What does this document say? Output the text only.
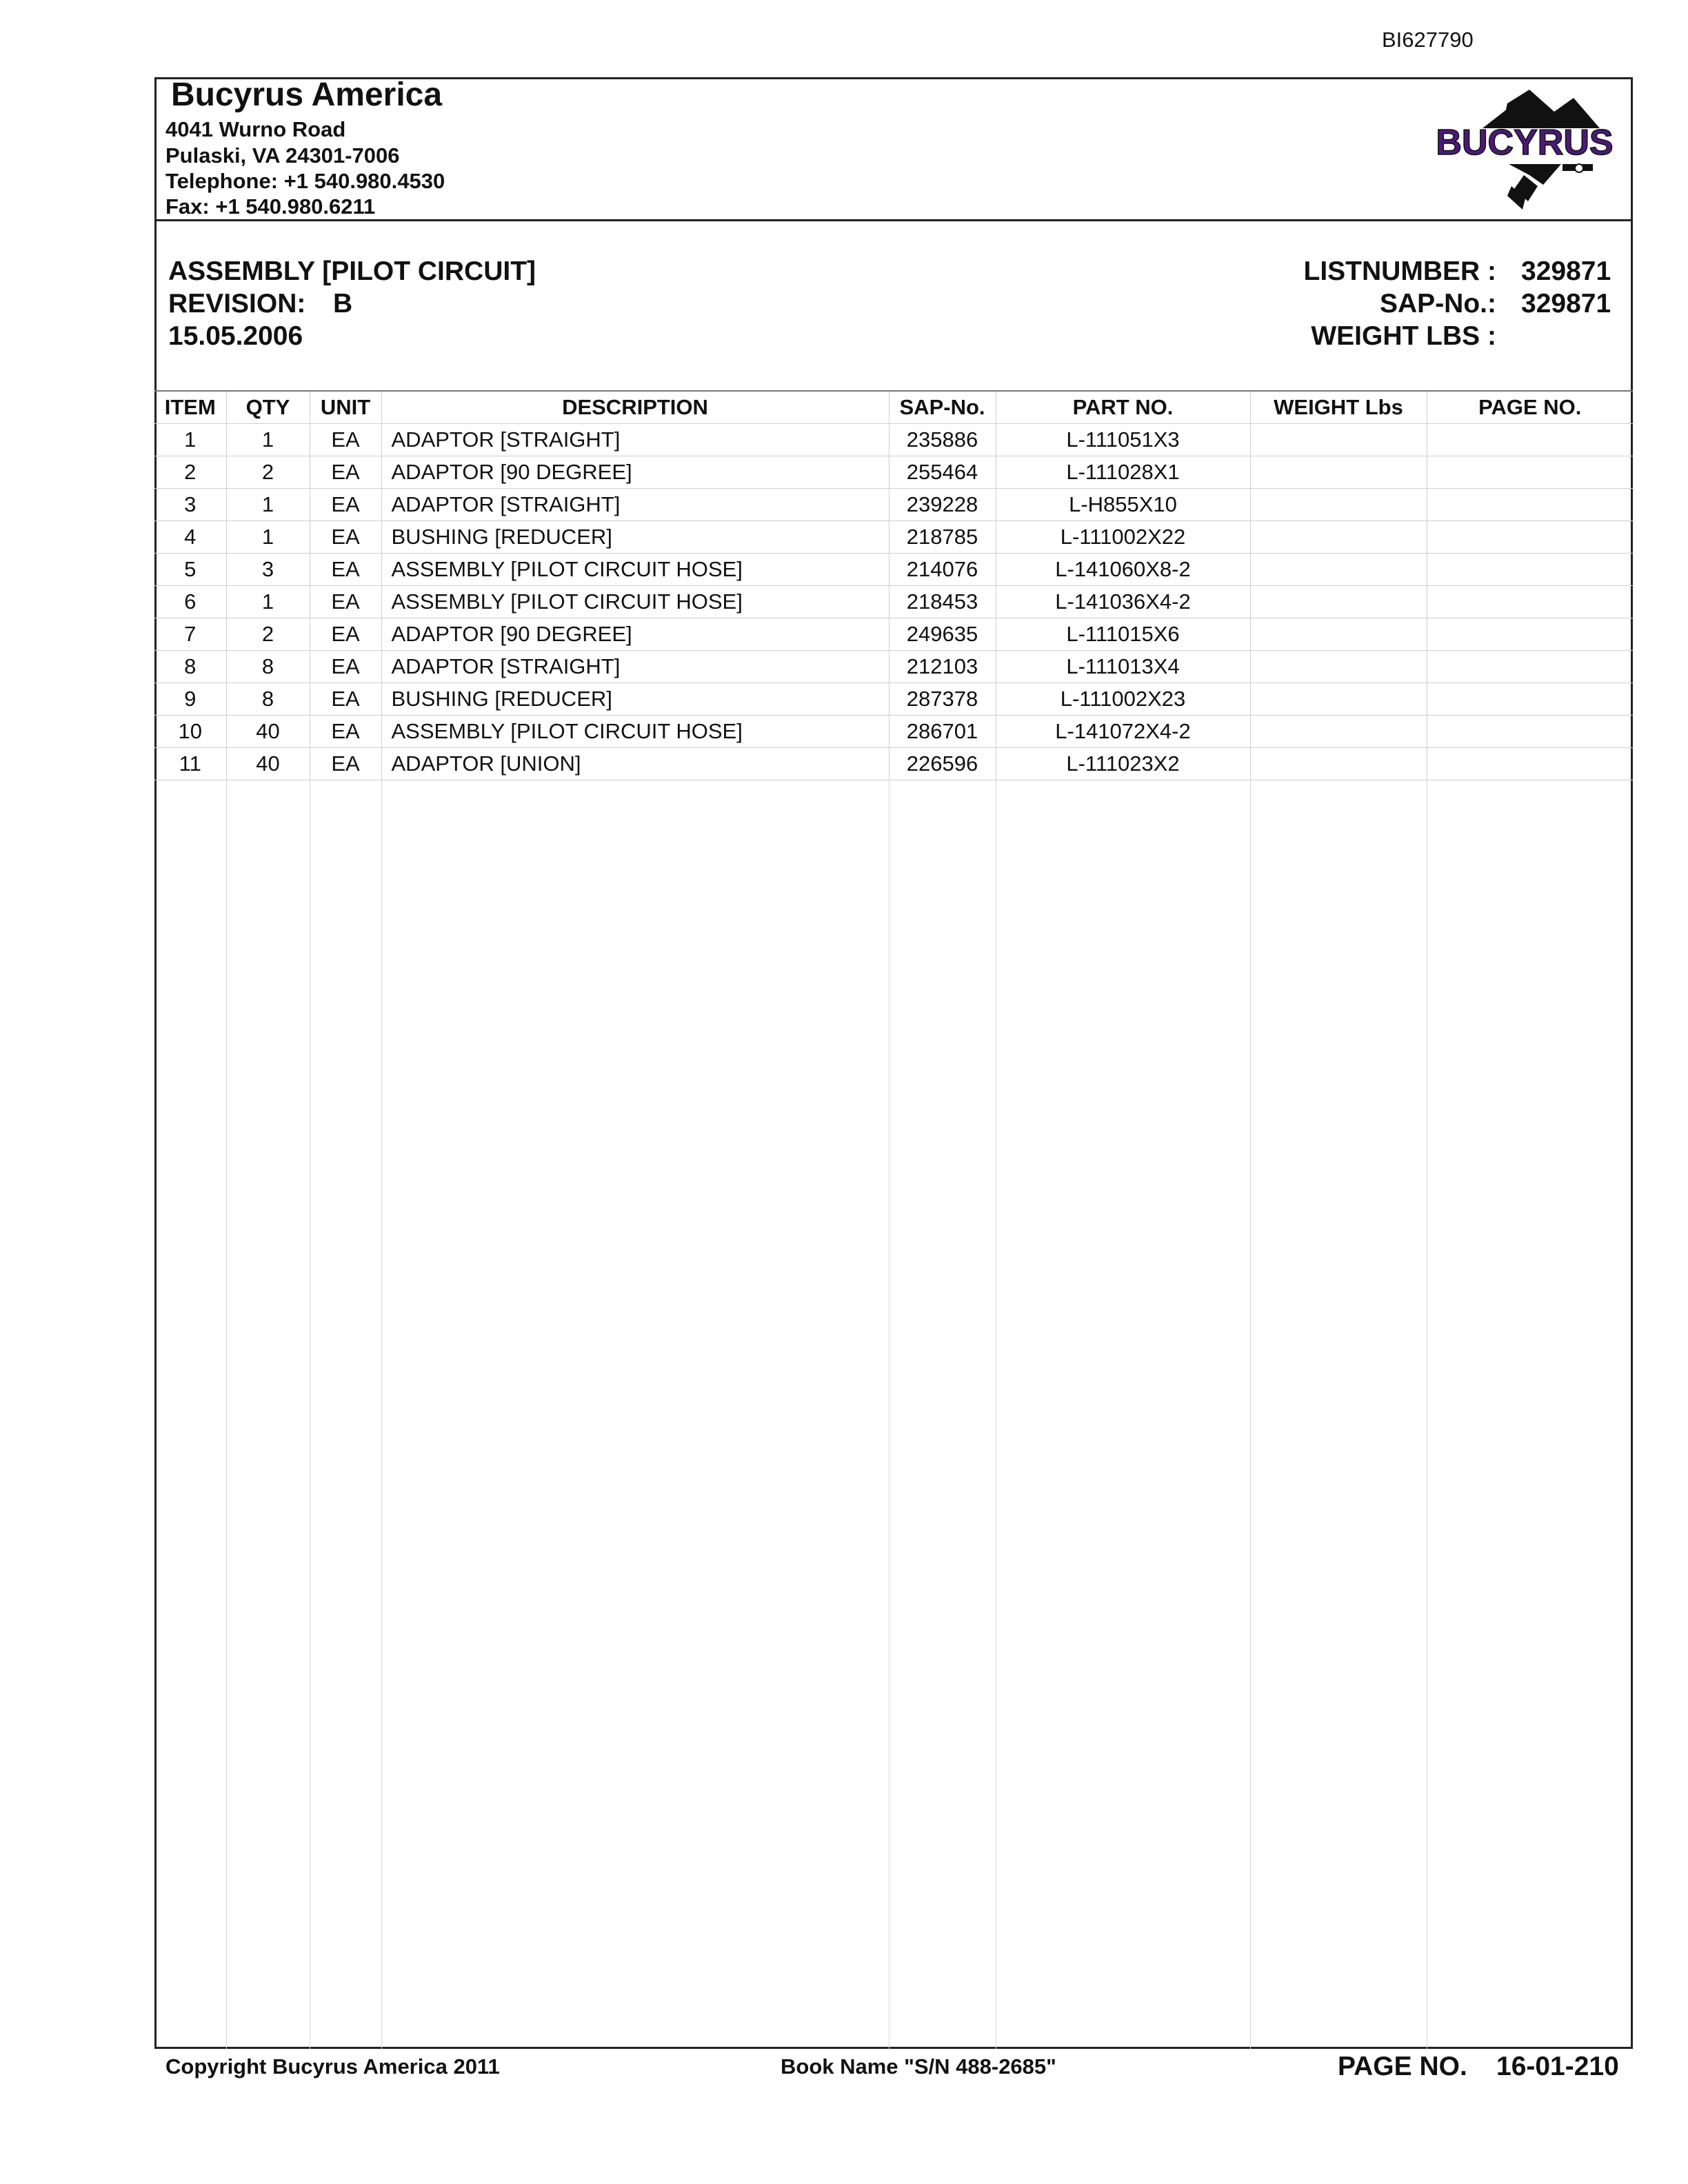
BI627790
Bucyrus America
4041 Wurno Road
Pulaski, VA 24301-7006
Telephone: +1 540.980.4530
Fax: +1 540.980.6211
BUCYRUS
ASSEMBLY [PILOT CIRCUIT]
REVISION: B
15.05.2006
LISTNUMBER : 329871
SAP-No.: 329871
WEIGHT LBS :
ITEM	QTY	UNIT	DESCRIPTION	SAP-No.	PART NO.	WEIGHT Lbs	PAGE NO.
1	1	EA	ADAPTOR [STRAIGHT]	235886	L-111051X3		
2	2	EA	ADAPTOR [90 DEGREE]	255464	L-111028X1		
3	1	EA	ADAPTOR [STRAIGHT]	239228	L-H855X10		
4	1	EA	BUSHING [REDUCER]	218785	L-111002X22		
5	3	EA	ASSEMBLY [PILOT CIRCUIT HOSE]	214076	L-141060X8-2		
6	1	EA	ASSEMBLY [PILOT CIRCUIT HOSE]	218453	L-141036X4-2		
7	2	EA	ADAPTOR [90 DEGREE]	249635	L-111015X6		
8	8	EA	ADAPTOR [STRAIGHT]	212103	L-111013X4		
9	8	EA	BUSHING [REDUCER]	287378	L-111002X23		
10	40	EA	ASSEMBLY [PILOT CIRCUIT HOSE]	286701	L-141072X4-2		
11	40	EA	ADAPTOR [UNION]	226596	L-111023X2		
Copyright Bucyrus America 2011	Book Name "S/N 488-2685"	PAGE NO. 16-01-210
